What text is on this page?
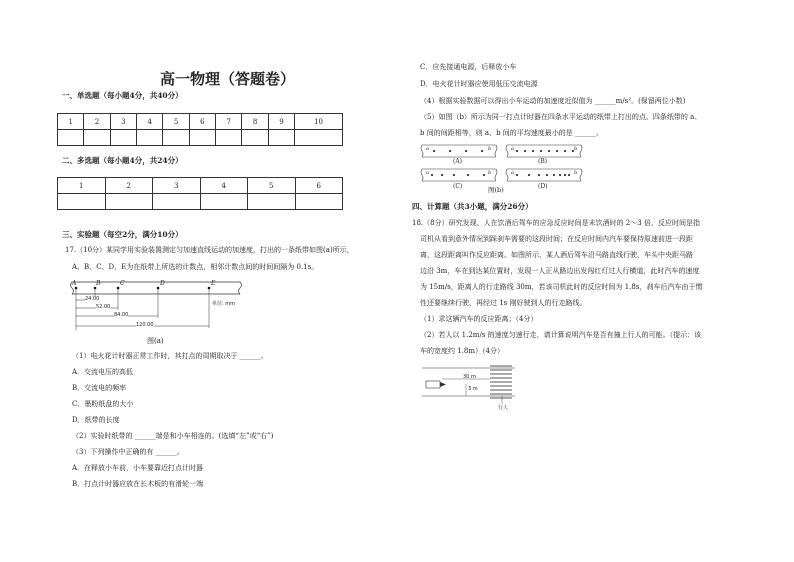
高一物理（答题卷）
一、单选题（每小题4分，共40分）
1	2	3	4	5	6	7	8	9	10

二、多选题（每小题4分，共24分）
1	2	3	4	5	6

三、实验题（每空2分，满分10分）
17.（10分）某同学用实验装置测定匀加速直线运动的加速度，打出的一条纸带如图(a)所示，
A、B、C、D、E为在纸带上所选的计数点，相邻计数点间的时间间隔为 0.1s。
A	B	C	D	E
单位: mm
24.00
52.00
84.00
120.00
图(a)
（1）电火花计时器正常工作时，其打点的周期取决于 ______。
A．交流电压的高低
B．交流电的频率
C．墨粉纸盘的大小
D．纸带的长度
（2）实验时纸带的 ______端是和小车相连的。(选填“左”或“右”)
（3）下列操作中正确的有 ______。
A．在释放小车前，小车要靠近打点计时器
B．打点计时器应放在长木板的有滑轮一端
C．应先接通电源，后释放小车
D．电火花计时器应使用低压交流电源
（4）根据实验数据可以得出小车运动的加速度近似值为 ______m/s²。(保留两位小数)
（5）如图（b）所示为同一打点计时器在四条水平运动的纸带上打出的点。四条纸带的 a、
b 间的间距相等，则 a、b 间的平均速度最小的是 ______。
a	b	a	b
a	b	a	b
(A)	(B)
(C)	(D)
图(b)
四、计算题（共3小题，满分26分）
18.（8分）研究发现，人在饮酒后驾车的应急反应时间是未饮酒时的 2～3 倍，反应时间是指
司机从看到意外情况到踩刹车需要的这段时间；在反应时间内汽车要保持原速前进一段距
离，这段距离叫作反应距离。如图所示，某人酒后驾车沿马路直线行驶，车头中央距马路
边沿 3m，车在到达某位置时，发现一人正从路边出发闯红灯过人行横道，此时汽车的速度
为 15m/s，距离人的行走路线 30m，若该司机此时的反应时间为 1.8s，刹车后汽车由于惯
性还要继续行驶，再经过 1s 刚好驶到人的行走路线。
（1）求这辆汽车的反应距离；（4分）
（2）若人以 1.2m/s 的速度匀速行走，请计算说明汽车是否有撞上行人的可能。（提示：该
车的宽度约 1.8m）（4分）
30 m
3 m
行人
